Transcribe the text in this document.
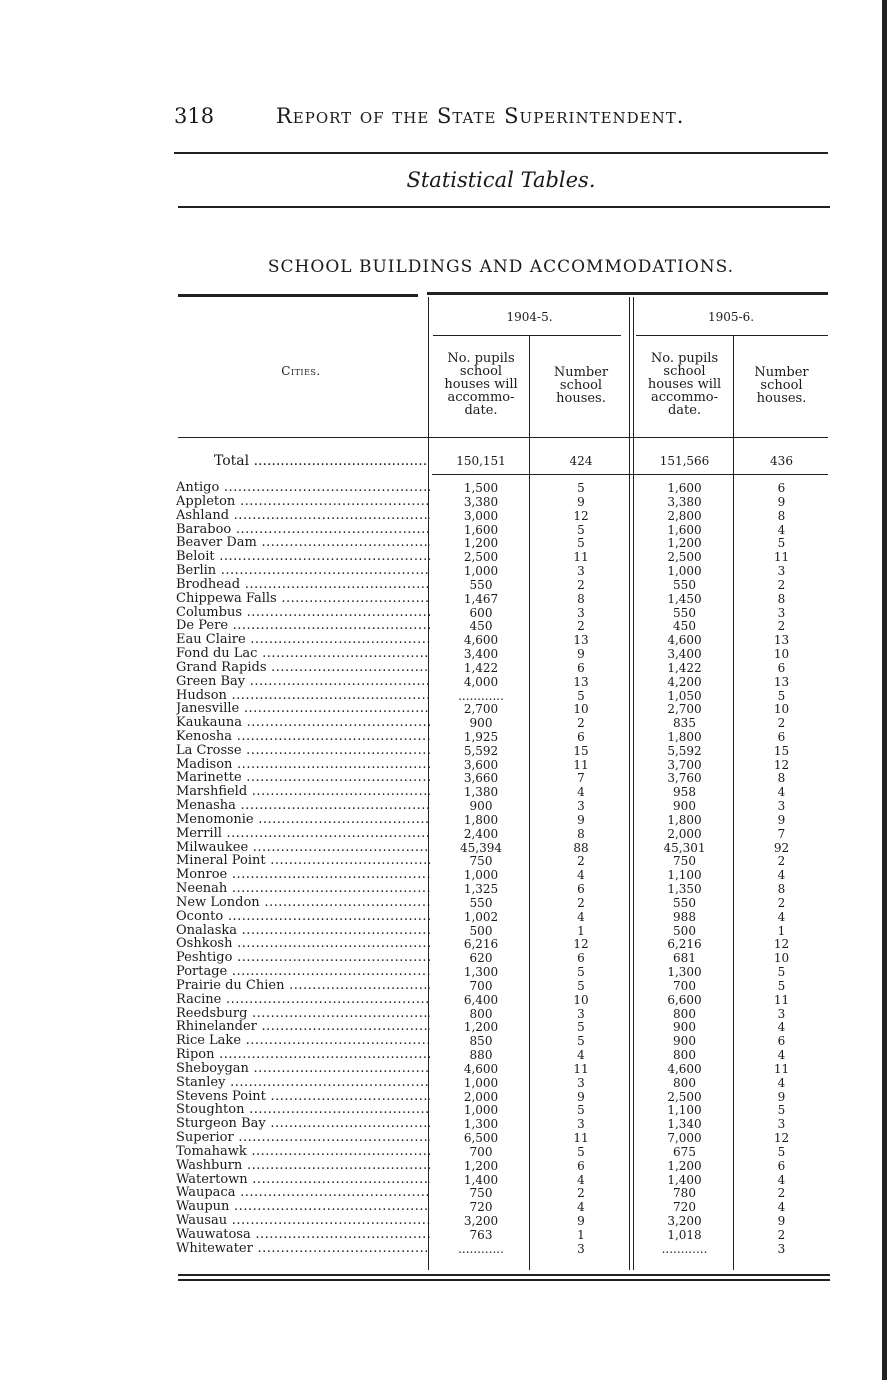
318	Report of the State Superintendent.
Statistical Tables.
SCHOOL BUILDINGS AND ACCOMMODATIONS.
1904-5.	1905-6.
Cities.
No. pupils
school
houses will
accommo-
date.
Number
school
houses.
No. pupils
school
houses will
accommo-
date.
Number
school
houses.
Total .....	150,151	424	151,566	436
Antigo .....	1,500	5	1,600	6
Appleton .....	3,380	9	3,380	9
Ashland .....	3,000	12	2,800	8
Baraboo .....	1,600	5	1,600	4
Beaver Dam .....	1,200	5	1,200	5
Beloit .....	2,500	11	2,500	11
Berlin .....	1,000	3	1,000	3
Brodhead .....	550	2	550	2
Chippewa Falls .....	1,467	8	1,450	8
Columbus .....	600	3	550	3
De Pere .....	450	2	450	2
Eau Claire .....	4,600	13	4,600	13
Fond du Lac .....	3,400	9	3,400	10
Grand Rapids .....	1,422	6	1,422	6
Green Bay .....	4,000	13	4,200	13
Hudson .....	............	5	1,050	5
Janesville .....	2,700	10	2,700	10
Kaukauna .....	900	2	835	2
Kenosha .....	1,925	6	1,800	6
La Crosse .....	5,592	15	5,592	15
Madison .....	3,600	11	3,700	12
Marinette .....	3,660	7	3,760	8
Marshfield .....	1,380	4	958	4
Menasha .....	900	3	900	3
Menomonie .....	1,800	9	1,800	9
Merrill .....	2,400	8	2,000	7
Milwaukee .....	45,394	88	45,301	92
Mineral Point .....	750	2	750	2
Monroe .....	1,000	4	1,100	4
Neenah .....	1,325	6	1,350	8
New London .....	550	2	550	2
Oconto .....	1,002	4	988	4
Onalaska .....	500	1	500	1
Oshkosh .....	6,216	12	6,216	12
Peshtigo .....	620	6	681	10
Portage .....	1,300	5	1,300	5
Prairie du Chien .....	700	5	700	5
Racine .....	6,400	10	6,600	11
Reedsburg .....	800	3	800	3
Rhinelander .....	1,200	5	900	4
Rice Lake .....	850	5	900	6
Ripon .....	880	4	800	4
Sheboygan .....	4,600	11	4,600	11
Stanley .....	1,000	3	800	4
Stevens Point .....	2,000	9	2,500	9
Stoughton .....	1,000	5	1,100	5
Sturgeon Bay .....	1,300	3	1,340	3
Superior .....	6,500	11	7,000	12
Tomahawk .....	700	5	675	5
Washburn .....	1,200	6	1,200	6
Watertown .....	1,400	4	1,400	4
Waupaca .....	750	2	780	2
Waupun .....	720	4	720	4
Wausau .....	3,200	9	3,200	9
Wauwatosa .....	763	1	1,018	2
Whitewater .....	............	3	............	3
